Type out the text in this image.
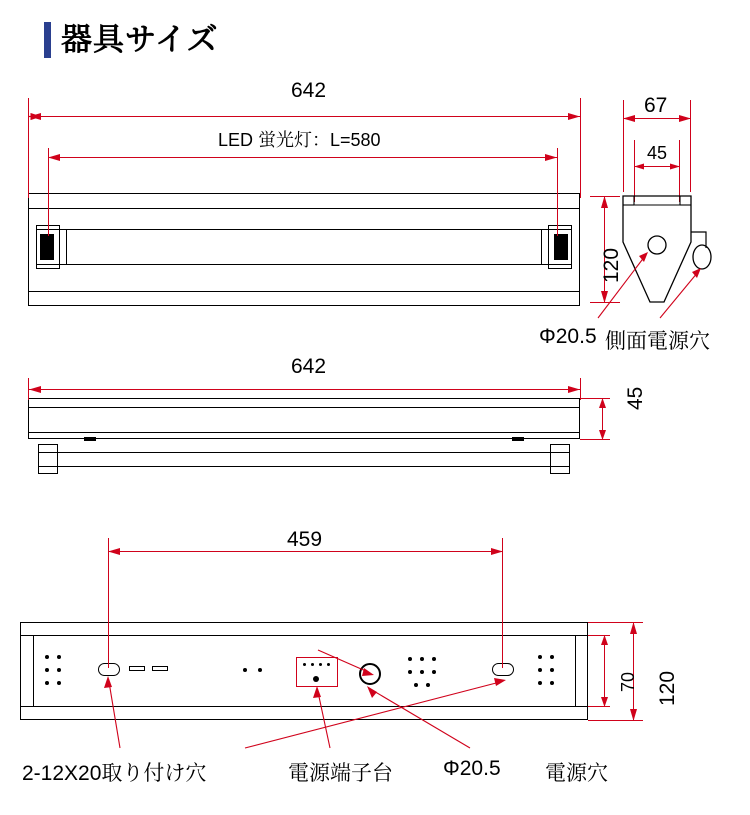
器具サイズ
642
LED 蛍光灯：L=580
67
45
120
Φ20.5 側面電源穴
642
45
459
120
70
2-12X20取り付け穴	電源端子台 Φ20.5 電源穴
